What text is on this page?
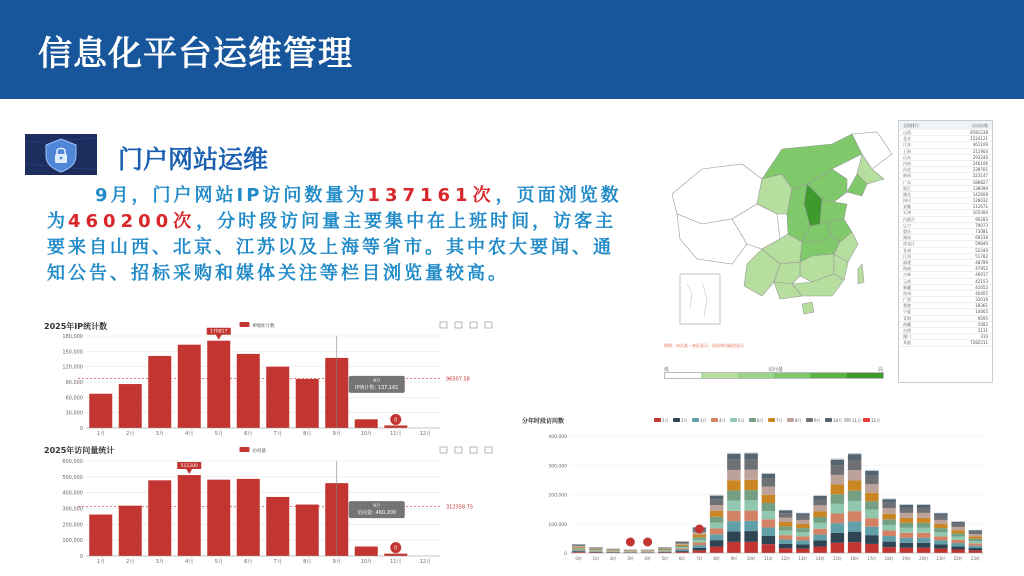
信息化平台运维管理
门户网站运维
9月，门户网站IP访问数量为137161次，页面浏览数为460200次，分时段访问量主要集中在上班时间，访客主要来自山西、北京、江苏以及上海等省市。其中农大要闻、通知公告、招标采购和媒体关注等栏目浏览量较高。
2025年IP统计数
0
30,000
60,000
90,000
120,000
150,000
180,000
IP地址计数
1月	2月	3月	4月	5月	6月	7月	8月	9月	10月	11月	12月
96507.58
170817
0
9月
IP统计数: 137,161
2025年访问量统计
0
100,000
200,000
300,000
400,000
500,000
600,000
访问量
1月	2月	3月	4月	5月	6月	7月	8月	9月	10月	11月	12月
312358.75
511200
0
9月
访问量: 460,200
分年时段访问数
0
100,000
200,000
300,000
400,000
1月	2月	3月	4月	5月	6月	7月	8月	9月	10月 11月 12月
0时	1时	2时	3时	4时	5时	6时	7时	8时	9时 10时 11时 12时 13时 14时 15时 16时 17时 18时 19时 20时 21时 22时 23时
图例：单击某一省区显示，再次单击取消显示
全国排行	访问次数
山西	8581238
北京	1224121
江苏	461109
上海	311904
山东	293240
河南	246106
河北	239701
陕西	223147
广东	186827
浙江	138090
湖北	142609
四川	128032
安徽	112671
天津	105300
内蒙古	90283
辽宁	79073
重庆	73081
湖南	69238
黑龙江	59840
甘肃	52340
江西	51782
福建	48789
海南	47955
吉林	46917
云南	42153
新疆	41652
贵州	40405
广西	32019
香港	18361
宁夏	14465
青海	9595
西藏	5082
台湾	2131
澳门	310
其他	7282211
低	访问量	高
